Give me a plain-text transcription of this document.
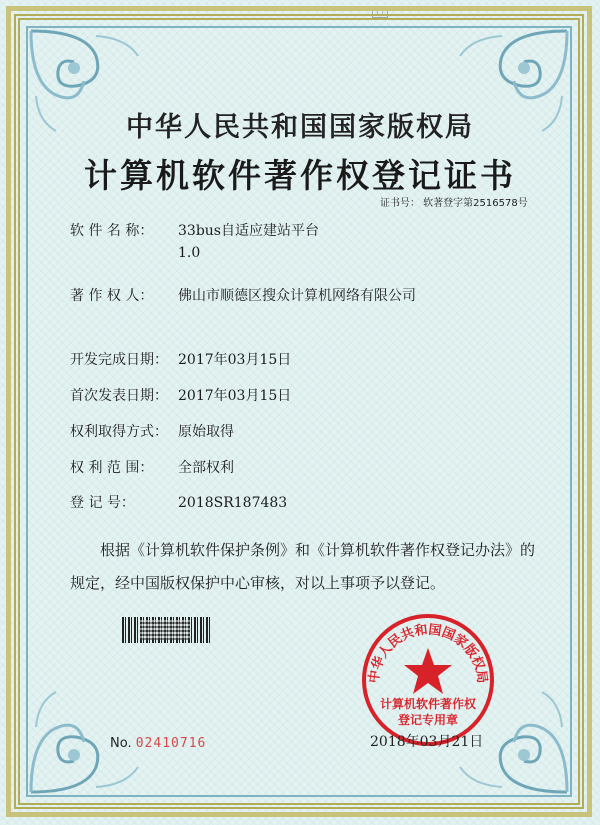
◻
中华人民共和国国家版权局
计算机软件著作权登记证书
证书号： 软著登字第2516578号
软 件 名 称： 33bus自适应建站平台
1.0
著 作 权 人： 佛山市顺德区搜众计算机网络有限公司
开发完成日期： 2017年03月15日
首次发表日期： 2017年03月15日
权利取得方式： 原始取得
权 利 范 围： 全部权利
登 记 号：	2018SR187483
根据《计算机软件保护条例》和《计算机软件著作权登记办法》的
规定，经中国版权保护中心审核，对以上事项予以登记。
中华人民共和国国家版权局
计算机软件著作权
登记专用章
No. 02410716	2018年03月21日
